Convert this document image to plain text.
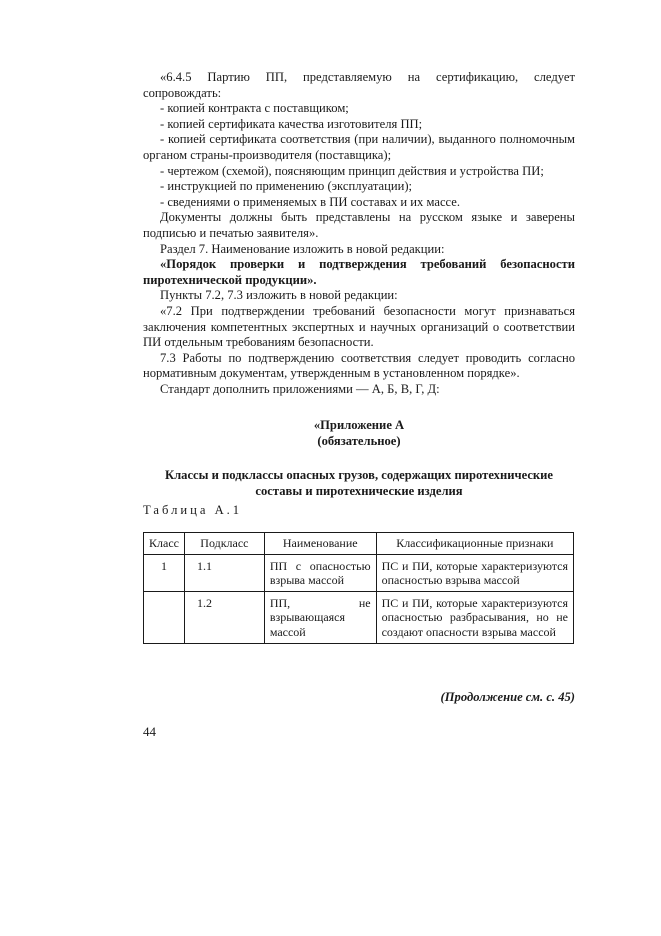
«6.4.5 Партию ПП, представляемую на сертификацию, следует сопровождать:

- копией контракта с поставщиком;

- копией сертификата качества изготовителя ПП;

- копией сертификата соответствия (при наличии), выданного полномочным органом страны-производителя (поставщика);

- чертежом (схемой), поясняющим принцип действия и устройства ПИ;

- инструкцией по применению (эксплуатации);

- сведениями о применяемых в ПИ составах и их массе.

Документы должны быть представлены на русском языке и заверены подписью и печатью заявителя».

Раздел 7. Наименование изложить в новой редакции:

«Порядок проверки и подтверждения требований безопасности пиротехнической продукции».

Пункты 7.2, 7.3 изложить в новой редакции:

«7.2 При подтверждении требований безопасности могут признаваться заключения компетентных экспертных и научных организаций о соответствии ПИ отдельным требованиям безопасности.

7.3 Работы по подтверждению соответствия следует проводить согласно нормативным документам, утвержденным в установленном порядке».

Стандарт дополнить приложениями — А, Б, В, Г, Д:

«Приложение А
(обязательное)
Классы и подклассы опасных грузов, содержащих пиротехнические
составы и пиротехнические изделия
Таблица А.1
Класс	Подкласс	Наименование	Классификационные признаки
1	1.1	ПП с опасностью взрыва массой	ПС и ПИ, которые характеризуются опасностью взрыва массой
	1.2	ПП, не взрывающаяся массой	ПС и ПИ, которые характеризуются опасностью разбрасывания, но не создают опасности взрыва массой
(Продолжение см. с. 45)
44
